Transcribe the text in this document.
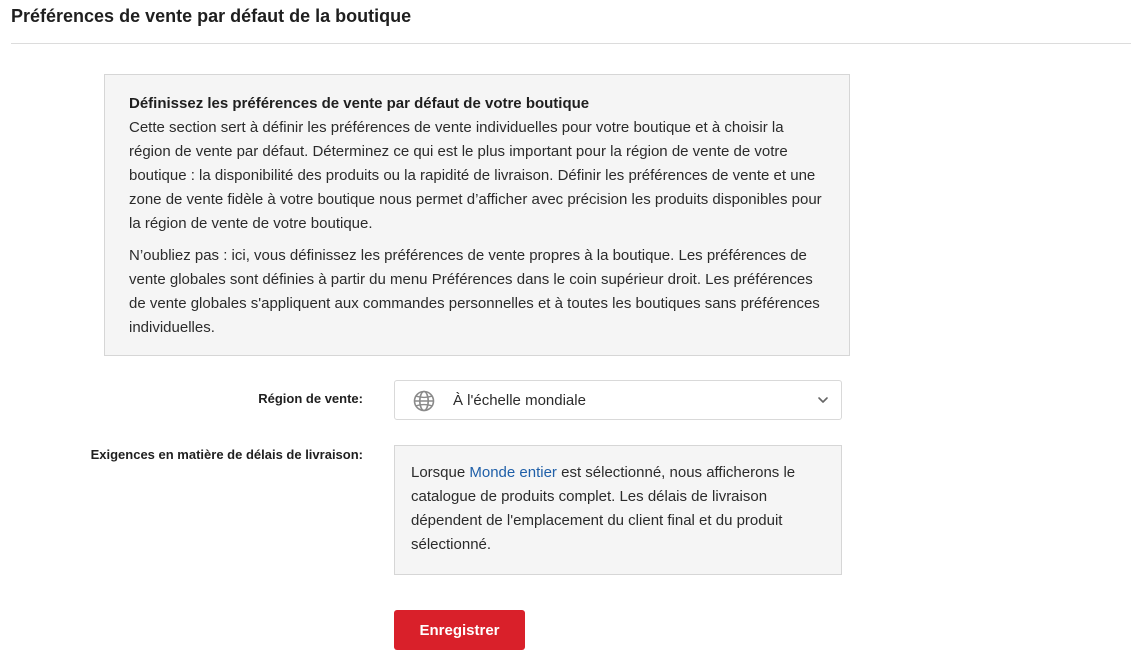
Préférences de vente par défaut de la boutique
Définissez les préférences de vente par défaut de votre boutique

Cette section sert à définir les préférences de vente individuelles pour votre boutique et à choisir la région de vente par défaut. Déterminez ce qui est le plus important pour la région de vente de votre boutique : la disponibilité des produits ou la rapidité de livraison. Définir les préférences de vente et une zone de vente fidèle à votre boutique nous permet d’afficher avec précision les produits disponibles pour la région de vente de votre boutique.

N’oubliez pas : ici, vous définissez les préférences de vente propres à la boutique. Les préférences de vente globales sont définies à partir du menu Préférences dans le coin supérieur droit. Les préférences de vente globales s'appliquent aux commandes personnelles et à toutes les boutiques sans préférences individuelles.

Région de vente:	À l'échelle mondiale
Exigences en matière de délais de livraison:
Lorsque Monde entier est sélectionné, nous afficherons le catalogue de produits complet. Les délais de livraison dépendent de l'emplacement du client final et du produit sélectionné.
Enregistrer
